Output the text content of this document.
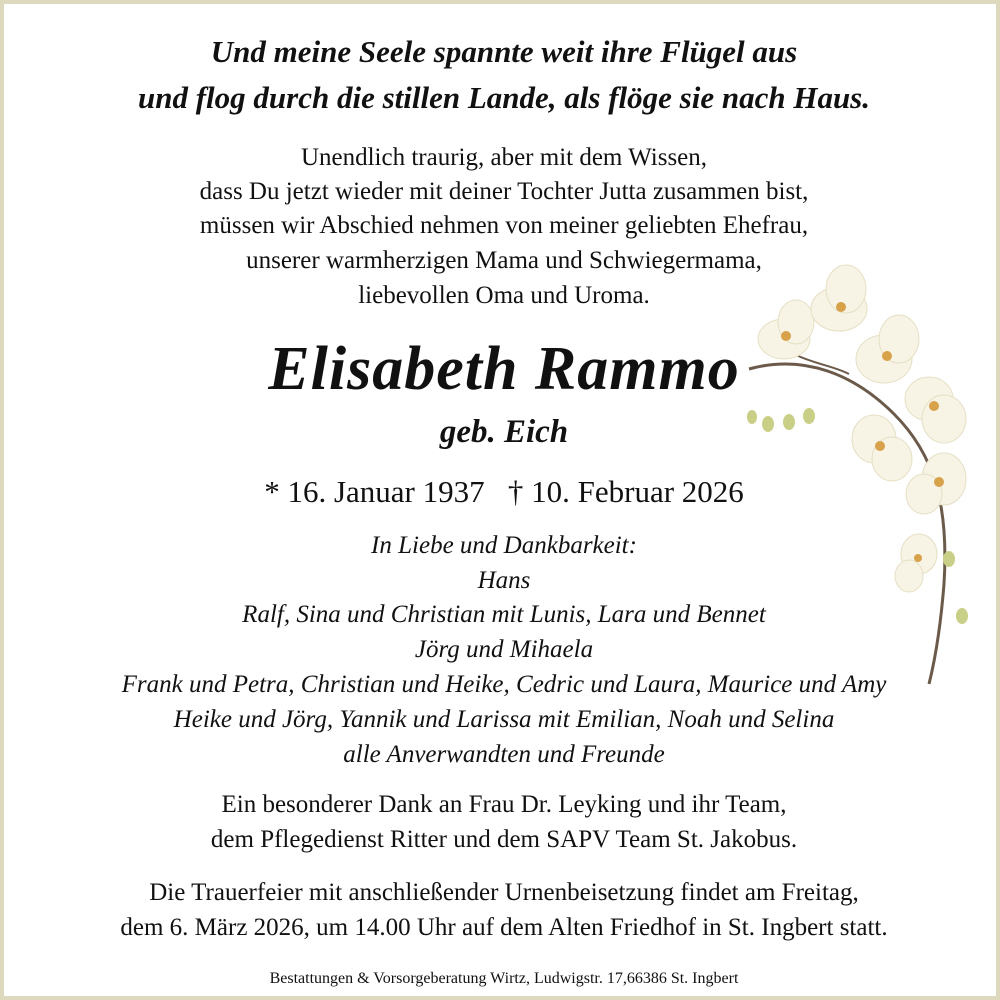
Und meine Seele spannte weit ihre Flügel aus
und flog durch die stillen Lande, als flöge sie nach Haus.
Unendlich traurig, aber mit dem Wissen,
dass Du jetzt wieder mit deiner Tochter Jutta zusammen bist,
müssen wir Abschied nehmen von meiner geliebten Ehefrau,
unserer warmherzigen Mama und Schwiegermama,
liebevollen Oma und Uroma.
Elisabeth Rammo
geb. Eich
* 16. Januar 1937   † 10. Februar 2026
In Liebe und Dankbarkeit:
Hans
Ralf, Sina und Christian mit Lunis, Lara und Bennet
Jörg und Mihaela
Frank und Petra, Christian und Heike, Cedric und Laura, Maurice und Amy
Heike und Jörg, Yannik und Larissa mit Emilian, Noah und Selina
alle Anverwandten und Freunde
Ein besonderer Dank an Frau Dr. Leyking und ihr Team,
dem Pflegedienst Ritter und dem SAPV Team St. Jakobus.
Die Trauerfeier mit anschließender Urnenbeisetzung findet am Freitag,
dem 6. März 2026, um 14.00 Uhr auf dem Alten Friedhof in St. Ingbert statt.
Bestattungen & Vorsorgeberatung Wirtz, Ludwigstr. 17,66386 St. Ingbert
